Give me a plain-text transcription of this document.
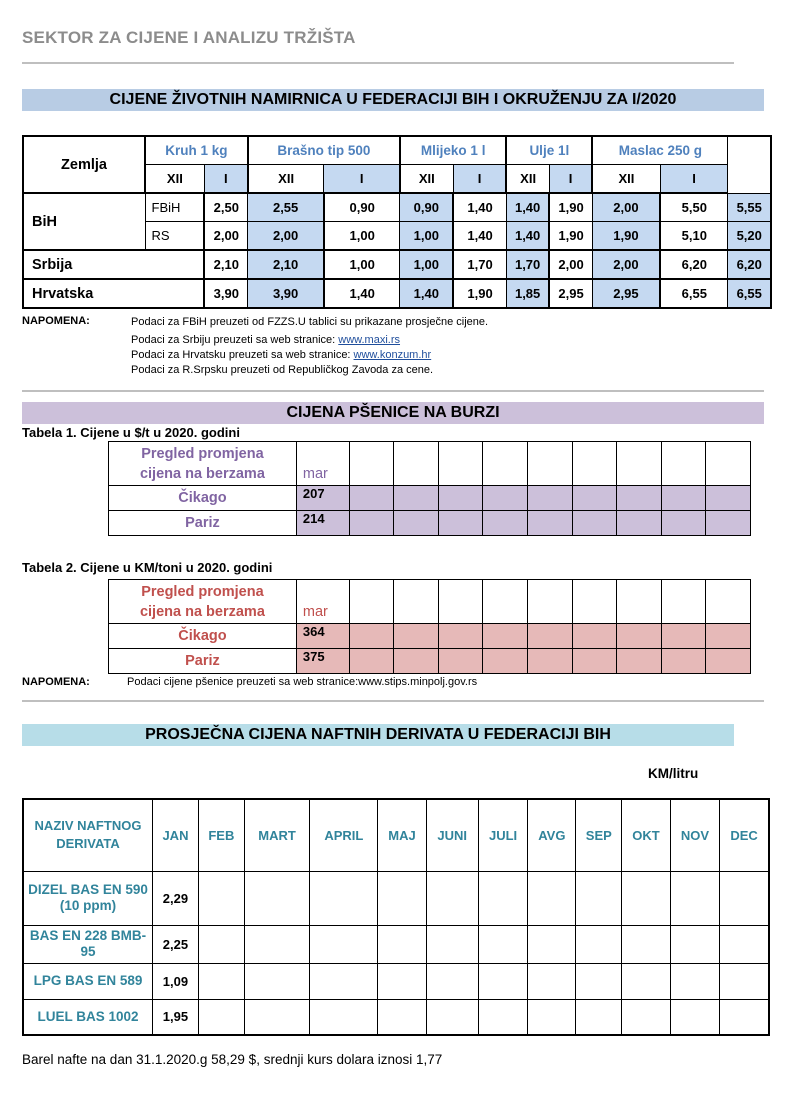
SEKTOR ZA CIJENE I ANALIZU TRŽIŠTA
CIJENE ŽIVOTNIH NAMIRNICA U FEDERACIJI BIH I OKRUŽENJU ZA I/2020
Zemlja	Kruh 1 kg		Brašno tip 500		Mlijeko 1 l		Ulje 1l		Maslac 250 g		
	XII	I	XII	I	XII	I	XII	I	XII	I	
BiH	FBiH	2,50	2,55	0,90	0,90	1,40	1,40	1,90	2,00	5,50	5,55
	RS	2,00	2,00	1,00	1,00	1,40	1,40	1,90	1,90	5,10	5,20
Srbija		2,10	2,10	1,00	1,00	1,70	1,70	2,00	2,00	6,20	6,20
Hrvatska		3,90	3,90	1,40	1,40	1,90	1,85	2,95	2,95	6,55	6,55
NAPOMENA:	Podaci za FBiH preuzeti od FZZS.U tablici su prikazane prosječne cijene.
Podaci za Srbiju preuzeti sa web stranice: www.maxi.rs
Podaci za Hrvatsku preuzeti sa web stranice: www.konzum.hr
Podaci za R.Srpsku preuzeti od Republičkog Zavoda za cene.
CIJENA PŠENICE NA BURZI
Tabela 1. Cijene u $/t u 2020. godini
Pregled promjena
cijena na berzama	mar									
Čikago	207									
Pariz	214									
Tabela 2. Cijene u KM/toni u 2020. godini
Pregled promjena
cijena na berzama	mar									
Čikago	364									
Pariz	375									
NAPOMENA:	Podaci cijene pšenice preuzeti sa web stranice:www.stips.minpolj.gov.rs
PROSJEČNA CIJENA NAFTNIH DERIVATA U FEDERACIJI BIH
KM/litru
NAZIV NAFTNOG DERIVATA	JAN	FEB	MART	APRIL	MAJ	JUNI	JULI	AVG	SEP	OKT	NOV	DEC
DIZEL BAS EN 590 (10 ppm)	2,29											
BAS EN 228 BMB-95	2,25											
LPG BAS EN 589	1,09											
LUEL BAS 1002	1,95											
Barel nafte na dan 31.1.2020.g 58,29 $, srednji kurs dolara iznosi 1,77
